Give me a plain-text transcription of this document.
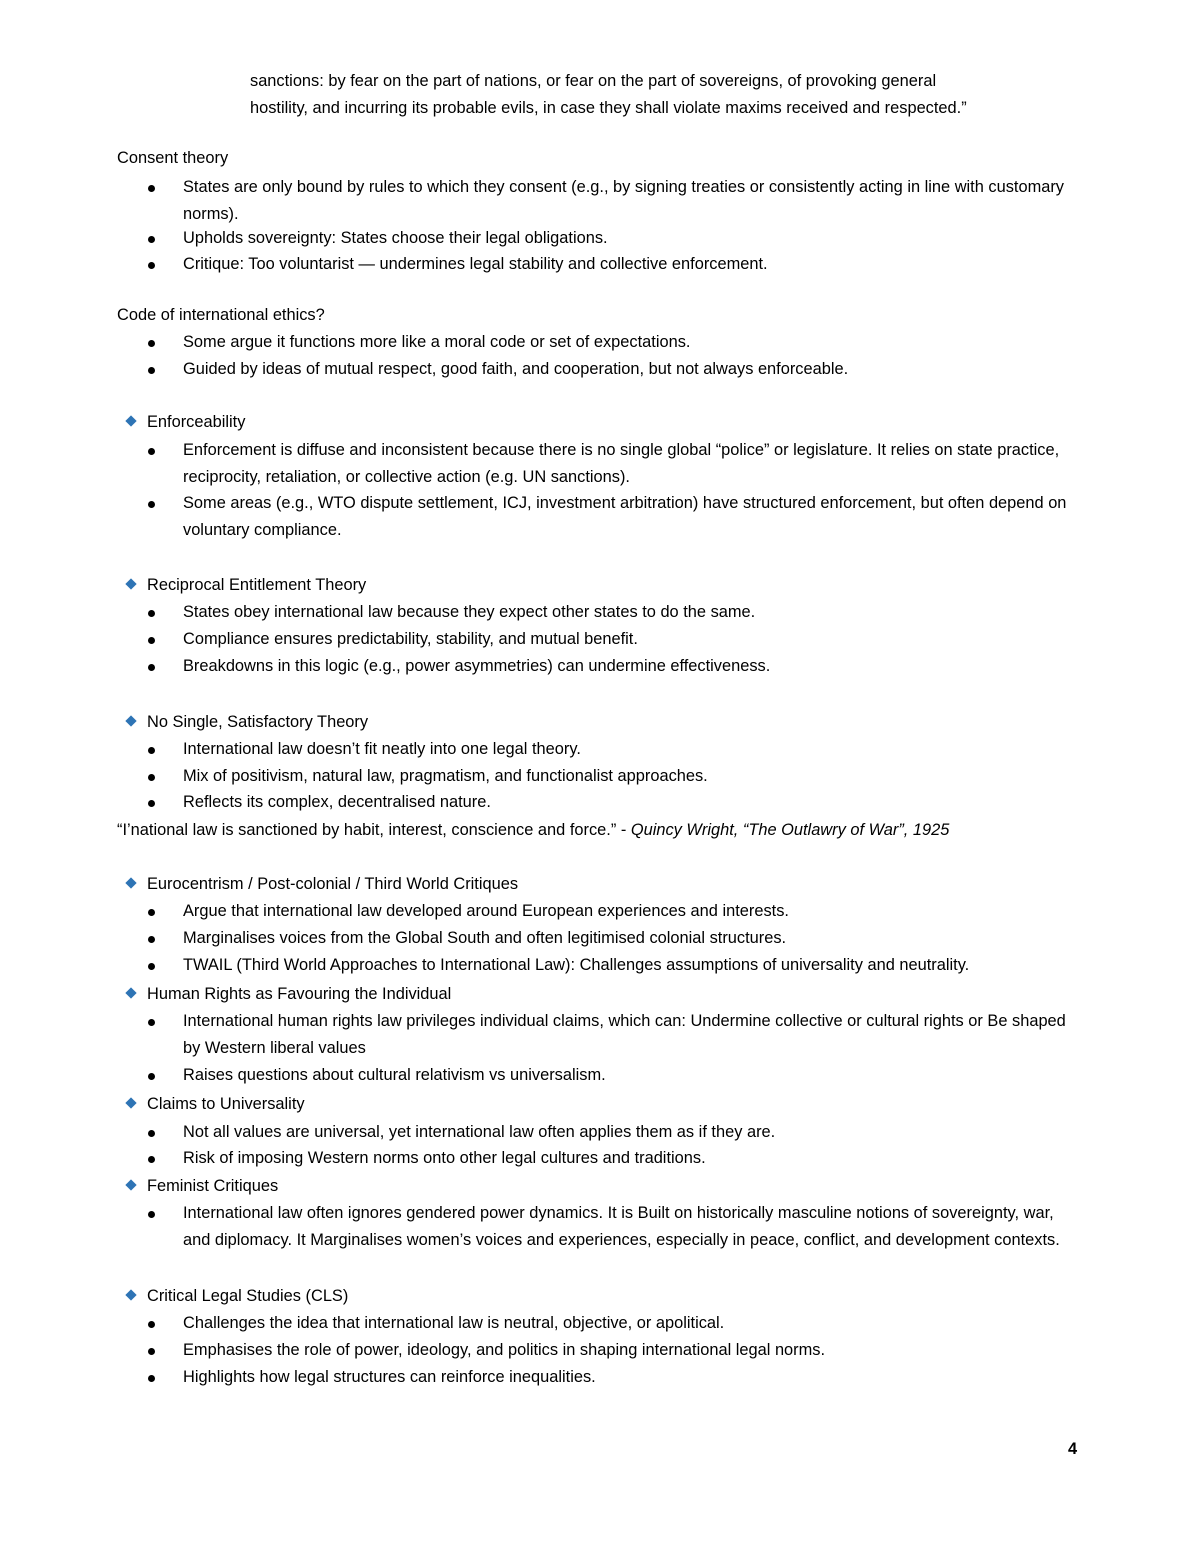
sanctions: by fear on the part of nations, or fear on the part of sovereigns, of provoking general
hostility, and incurring its probable evils, in case they shall violate maxims received and respected.”
Consent theory
States are only bound by rules to which they consent (e.g., by signing treaties or consistently acting in line with customary norms).
Upholds sovereignty: States choose their legal obligations.
Critique: Too voluntarist — undermines legal stability and collective enforcement.
Code of international ethics?
Some argue it functions more like a moral code or set of expectations.
Guided by ideas of mutual respect, good faith, and cooperation, but not always enforceable.
Enforceability
Enforcement is diffuse and inconsistent because there is no single global “police” or legislature. It relies on state practice, reciprocity, retaliation, or collective action (e.g. UN sanctions).
Some areas (e.g., WTO dispute settlement, ICJ, investment arbitration) have structured enforcement, but often depend on voluntary compliance.
Reciprocal Entitlement Theory
States obey international law because they expect other states to do the same.
Compliance ensures predictability, stability, and mutual benefit.
Breakdowns in this logic (e.g., power asymmetries) can undermine effectiveness.
No Single, Satisfactory Theory
International law doesn’t fit neatly into one legal theory.
Mix of positivism, natural law, pragmatism, and functionalist approaches.
Reflects its complex, decentralised nature.
“I’national law is sanctioned by habit, interest, conscience and force.” - Quincy Wright, “The Outlawry of War”, 1925
Eurocentrism / Post-colonial / Third World Critiques
Argue that international law developed around European experiences and interests.
Marginalises voices from the Global South and often legitimised colonial structures.
TWAIL (Third World Approaches to International Law): Challenges assumptions of universality and neutrality.
Human Rights as Favouring the Individual
International human rights law privileges individual claims, which can: Undermine collective or cultural rights or Be shaped by Western liberal values
Raises questions about cultural relativism vs universalism.
Claims to Universality
Not all values are universal, yet international law often applies them as if they are.
Risk of imposing Western norms onto other legal cultures and traditions.
Feminist Critiques
International law often ignores gendered power dynamics. It is Built on historically masculine notions of sovereignty, war, and diplomacy. It Marginalises women’s voices and experiences, especially in peace, conflict, and development contexts.
Critical Legal Studies (CLS)
Challenges the idea that international law is neutral, objective, or apolitical.
Emphasises the role of power, ideology, and politics in shaping international legal norms.
Highlights how legal structures can reinforce inequalities.
4
